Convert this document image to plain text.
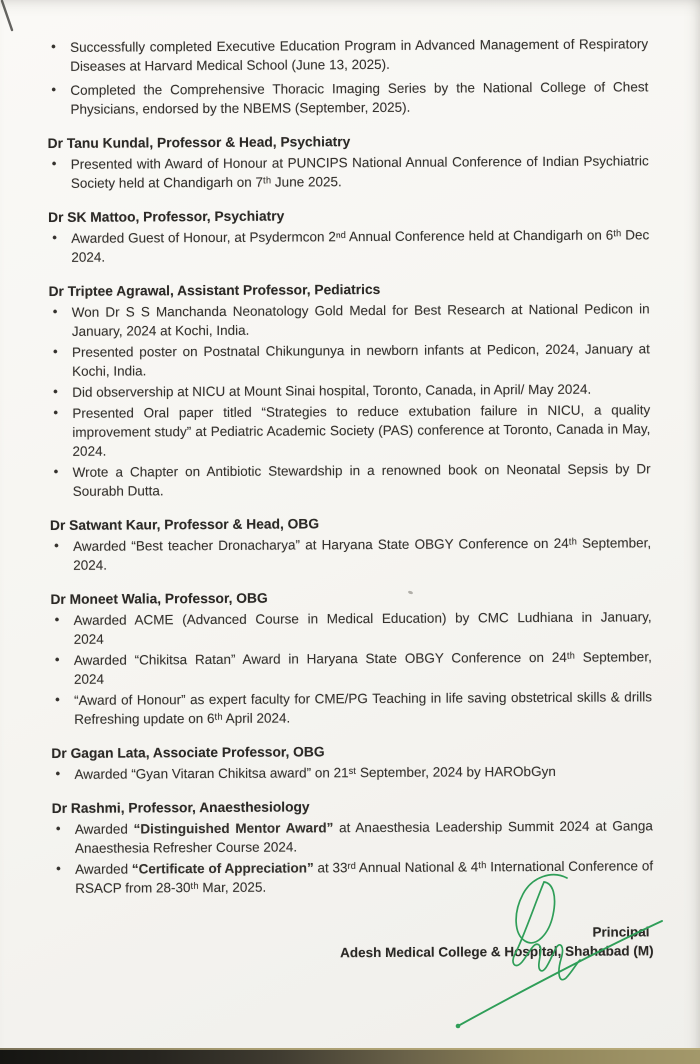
• Successfully completed Executive Education Program in Advanced Management of Respiratory Diseases at Harvard Medical School (June 13, 2025).
• Completed the Comprehensive Thoracic Imaging Series by the National College of Chest Physicians, endorsed by the NBEMS (September, 2025).
Dr Tanu Kundal, Professor & Head, Psychiatry
• Presented with Award of Honour at PUNCIPS National Annual Conference of Indian Psychiatric Society held at Chandigarh on 7ᵗʰ June 2025.
Dr SK Mattoo, Professor, Psychiatry
• Awarded Guest of Honour, at Psydermcon 2ⁿᵈ Annual Conference held at Chandigarh on 6ᵗʰ Dec 2024.
Dr Triptee Agrawal, Assistant Professor, Pediatrics
• Won Dr S S Manchanda Neonatology Gold Medal for Best Research at National Pedicon in January, 2024 at Kochi, India.
• Presented poster on Postnatal Chikungunya in newborn infants at Pedicon, 2024, January at Kochi, India.
• Did observership at NICU at Mount Sinai hospital, Toronto, Canada, in April/ May 2024.
• Presented Oral paper titled “Strategies to reduce extubation failure in NICU, a quality improvement study” at Pediatric Academic Society (PAS) conference at Toronto, Canada in May, 2024.
• Wrote a Chapter on Antibiotic Stewardship in a renowned book on Neonatal Sepsis by Dr Sourabh Dutta.
Dr Satwant Kaur, Professor & Head, OBG
• Awarded “Best teacher Dronacharya” at Haryana State OBGY Conference on 24ᵗʰ September, 2024.
Dr Moneet Walia, Professor, OBG
• Awarded ACME (Advanced Course in Medical Education) by CMC Ludhiana in January,
2024
• Awarded “Chikitsa Ratan” Award in Haryana State OBGY Conference on 24ᵗʰ September,
2024
• “Award of Honour” as expert faculty for CME/PG Teaching in life saving obstetrical skills & drills Refreshing update on 6ᵗʰ April 2024.
Dr Gagan Lata, Associate Professor, OBG
• Awarded “Gyan Vitaran Chikitsa award” on 21ˢᵗ September, 2024 by HARObGyn
Dr Rashmi, Professor, Anaesthesiology
• Awarded “Distinguished Mentor Award” at Anaesthesia Leadership Summit 2024 at Ganga Anaesthesia Refresher Course 2024.
• Awarded “Certificate of Appreciation” at 33ʳᵈ Annual National & 4ᵗʰ International Conference of RSACP from 28-30ᵗʰ Mar, 2025.
Principal
Adesh Medical College & Hospital, Shahabad (M)
